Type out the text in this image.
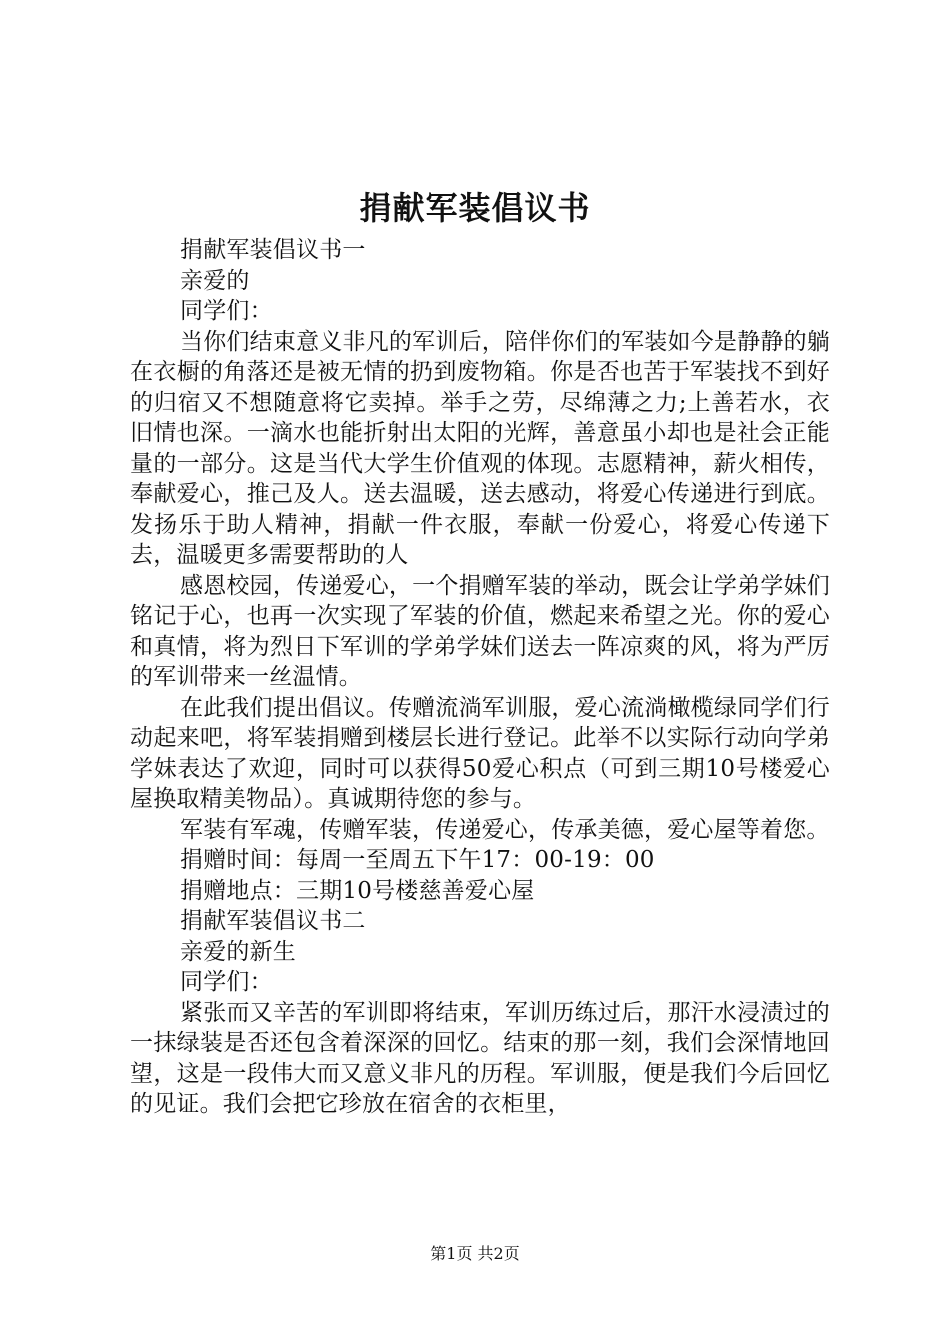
捐献军装倡议书

捐献军装倡议书一

亲爱的

同学们：

当你们结束意义非凡的军训后，陪伴你们的军装如今是静静的躺在衣橱的角落还是被无情的扔到废物箱。你是否也苦于军装找不到好的归宿又不想随意将它卖掉。举手之劳，尽绵薄之力;上善若水，衣旧情也深。一滴水也能折射出太阳的光辉，善意虽小却也是社会正能量的一部分。这是当代大学生价值观的体现。志愿精神，薪火相传，奉献爱心，推己及人。送去温暖，送去感动，将爱心传递进行到底。发扬乐于助人精神，捐献一件衣服，奉献一份爱心，将爱心传递下去，温暖更多需要帮助的人

感恩校园，传递爱心，一个捐赠军装的举动，既会让学弟学妹们铭记于心，也再一次实现了军装的价值，燃起来希望之光。你的爱心和真情，将为烈日下军训的学弟学妹们送去一阵凉爽的风，将为严厉的军训带来一丝温情。

在此我们提出倡议。传赠流淌军训服，爱心流淌橄榄绿同学们行动起来吧，将军装捐赠到楼层长进行登记。此举不以实际行动向学弟学妹表达了欢迎，同时可以获得50爱心积点（可到三期10号楼爱心屋换取精美物品）。真诚期待您的参与。

军装有军魂，传赠军装，传递爱心，传承美德，爱心屋等着您。

捐赠时间：每周一至周五下午17：00-19：00

捐赠地点：三期10号楼慈善爱心屋

捐献军装倡议书二

亲爱的新生

同学们：

紧张而又辛苦的军训即将结束，军训历练过后，那汗水浸渍过的一抹绿装是否还包含着深深的回忆。结束的那一刻，我们会深情地回望，这是一段伟大而又意义非凡的历程。军训服，便是我们今后回忆的见证。我们会把它珍放在宿舍的衣柜里，

第1页 共2页
